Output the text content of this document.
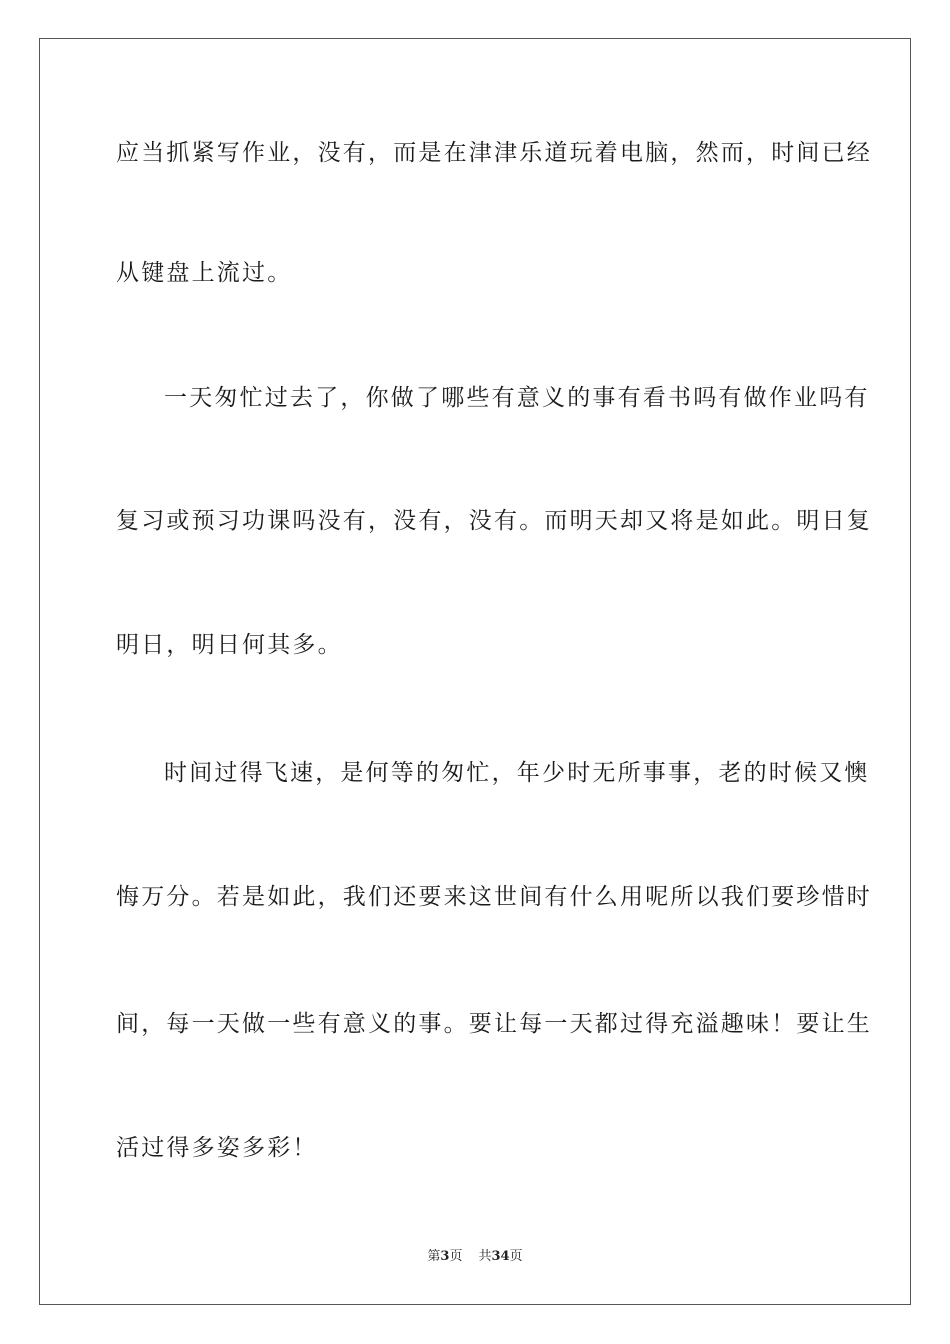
应当抓紧写作业，没有，而是在津津乐道玩着电脑，然而，时间已经
从键盘上流过。
一天匆忙过去了，你做了哪些有意义的事有看书吗有做作业吗有
复习或预习功课吗没有，没有，没有。而明天却又将是如此。明日复
明日，明日何其多。
时间过得飞速，是何等的匆忙，年少时无所事事，老的时候又懊
悔万分。若是如此，我们还要来这世间有什么用呢所以我们要珍惜时
间，每一天做一些有意义的事。要让每一天都过得充溢趣味！要让生
活过得多姿多彩！
第3页 共34页
